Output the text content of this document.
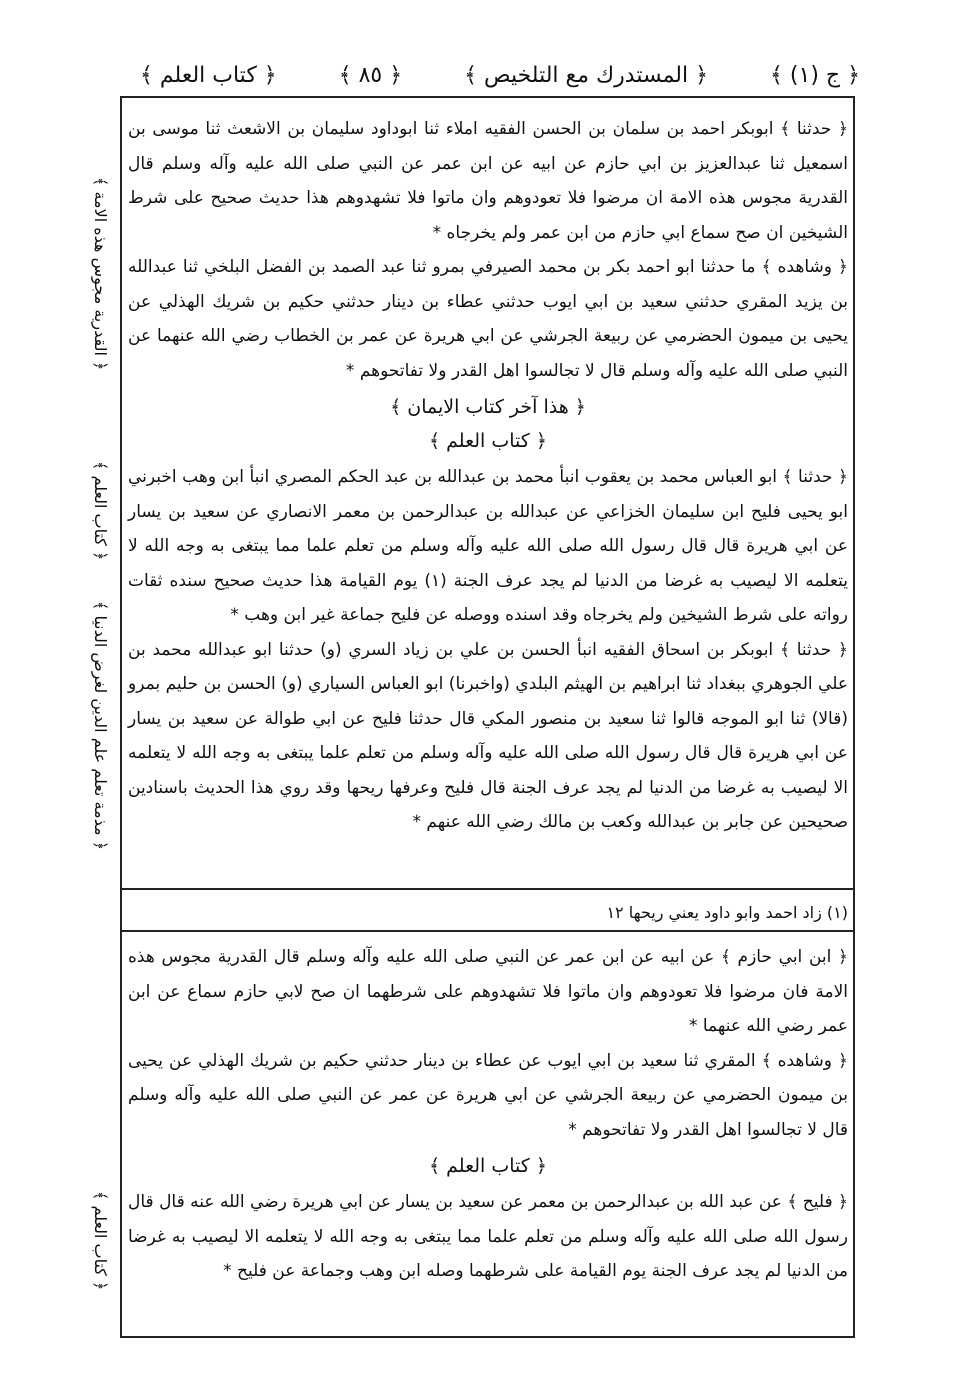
﴿ ج (١) ﴾
﴿ المستدرك مع التلخيص ﴾
﴿ ٨٥ ﴾
﴿ كتاب العلم ﴾

﴿ حدثنا ﴾ ابوبكر احمد بن سلمان بن الحسن الفقيه املاء ثنا ابوداود سليمان بن الاشعث ثنا موسى بن اسمعيل ثنا عبدالعزيز بن ابي حازم عن ابيه عن ابن عمر عن النبي صلى الله عليه وآله وسلم قال القدرية مجوس هذه الامة ان مرضوا فلا تعودوهم وان ماتوا فلا تشهدوهم هذا حديث صحيح على شرط الشيخين ان صح سماع ابي حازم من ابن عمر ولم يخرجاه *

﴿ وشاهده ﴾ ما حدثنا ابو احمد بكر بن محمد الصيرفي بمرو ثنا عبد الصمد بن الفضل البلخي ثنا عبدالله بن يزيد المقري حدثني سعيد بن ابي ايوب حدثني عطاء بن دينار حدثني حكيم بن شريك الهذلي عن يحيى بن ميمون الحضرمي عن ربيعة الجرشي عن ابي هريرة عن عمر بن الخطاب رضي الله عنهما عن النبي صلى الله عليه وآله وسلم قال لا تجالسوا اهل القدر ولا تفاتحوهم *

﴿ هذا آخر كتاب الايمان ﴾
﴿ كتاب العلم ﴾

﴿ حدثنا ﴾ ابو العباس محمد بن يعقوب انبأ محمد بن عبدالله بن عبد الحكم المصري انبأ ابن وهب اخبرني ابو يحيى فليح ابن سليمان الخزاعي عن عبدالله بن عبدالرحمن بن معمر الانصاري عن سعيد بن يسار عن ابي هريرة قال قال رسول الله صلى الله عليه وآله وسلم من تعلم علما مما يبتغى به وجه الله لا يتعلمه الا ليصيب به غرضا من الدنيا لم يجد عرف الجنة (١) يوم القيامة هذا حديث صحيح سنده ثقات رواته على شرط الشيخين ولم يخرجاه وقد اسنده ووصله عن فليح جماعة غير ابن وهب *

﴿ حدثنا ﴾ ابوبكر بن اسحاق الفقيه انبأ الحسن بن علي بن زياد السري (و) حدثنا ابو عبدالله محمد بن علي الجوهري ببغداد ثنا ابراهيم بن الهيثم البلدي (واخبرنا) ابو العباس السياري (و) الحسن بن حليم بمرو (قالا) ثنا ابو الموجه قالوا ثنا سعيد بن منصور المكي قال حدثنا فليح عن ابي طوالة عن سعيد بن يسار عن ابي هريرة قال قال رسول الله صلى الله عليه وآله وسلم من تعلم علما يبتغى به وجه الله لا يتعلمه الا ليصيب به غرضا من الدنيا لم يجد عرف الجنة قال فليح وعرفها ريحها وقد روي هذا الحديث باسنادين صحيحين عن جابر بن عبدالله وكعب بن مالك رضي الله عنهم *

(١) زاد احمد وابو داود يعني ريحها ١٢

﴿ ابن ابي حازم ﴾ عن ابيه عن ابن عمر عن النبي صلى الله عليه وآله وسلم قال القدرية مجوس هذه الامة فان مرضوا فلا تعودوهم وان ماتوا فلا تشهدوهم على شرطهما ان صح لابي حازم سماع عن ابن عمر رضي الله عنهما *

﴿ وشاهده ﴾ المقري ثنا سعيد بن ابي ايوب عن عطاء بن دينار حدثني حكيم بن شريك الهذلي عن يحيى بن ميمون الحضرمي عن ربيعة الجرشي عن ابي هريرة عن عمر عن النبي صلى الله عليه وآله وسلم قال لا تجالسوا اهل القدر ولا تفاتحوهم *

﴿ كتاب العلم ﴾

﴿ فليح ﴾ عن عبد الله بن عبدالرحمن بن معمر عن سعيد بن يسار عن ابي هريرة رضي الله عنه قال قال رسول الله صلى الله عليه وآله وسلم من تعلم علما مما يبتغى به وجه الله لا يتعلمه الا ليصيب به غرضا من الدنيا لم يجد عرف الجنة يوم القيامة على شرطهما وصله ابن وهب وجماعة عن فليح *

﴿ القدرية مجوس هذه الامة ﴾
﴿ كتاب العلم ﴾
﴿ مذمة تعلم علم الدين لغرض الدنيا ﴾
﴿ كتاب العلم ﴾
